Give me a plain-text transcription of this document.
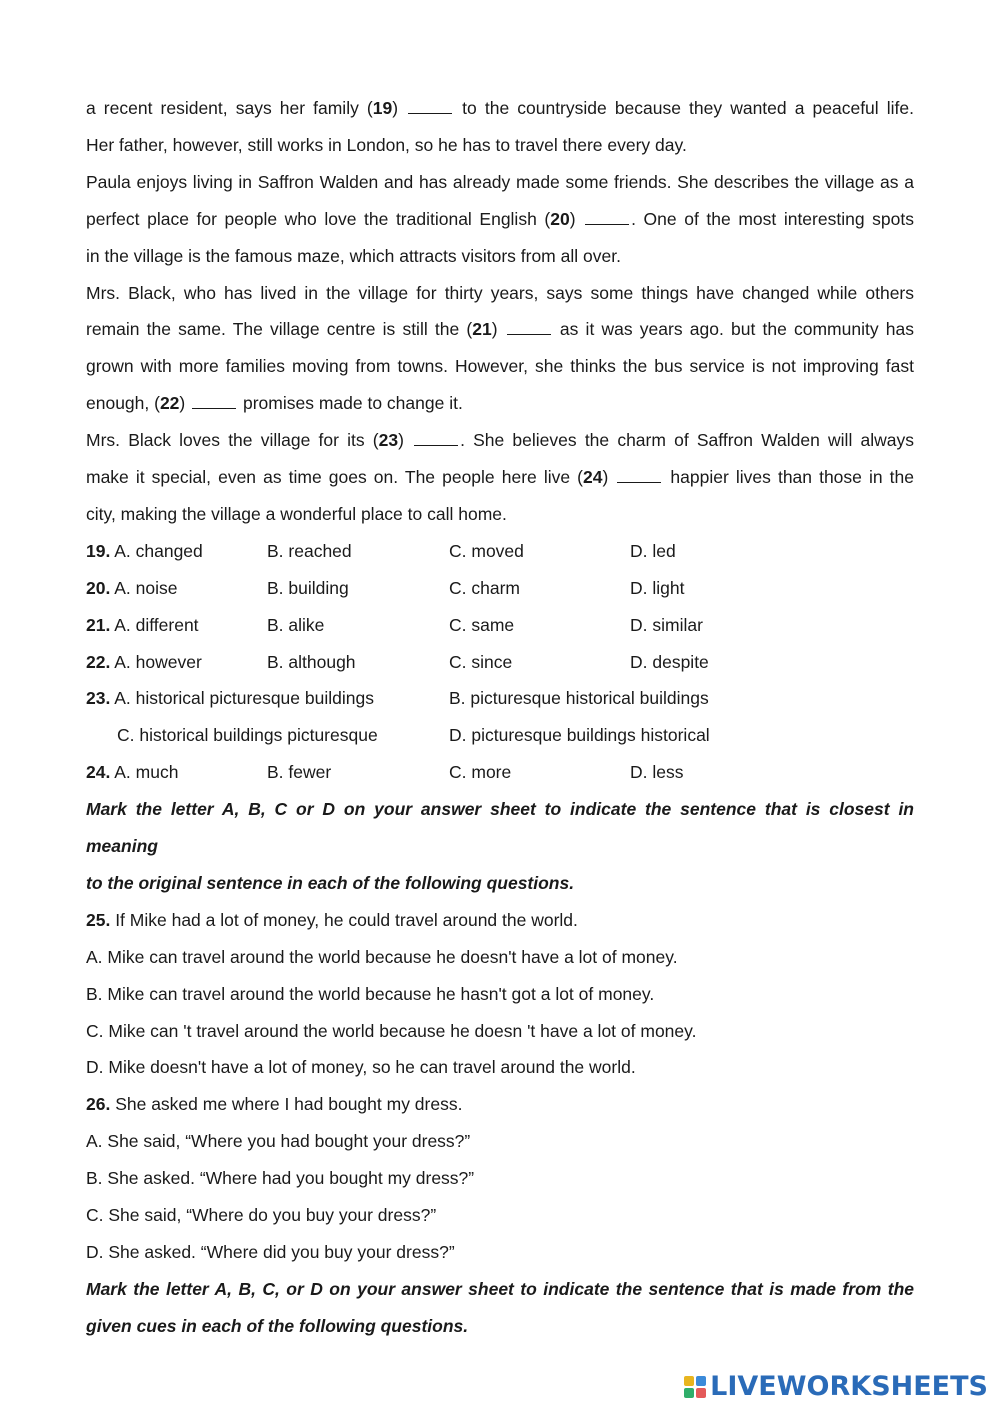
a recent resident, says her family (19)	to the countryside because they wanted a peaceful life.
Her father, however, still works in London, so he has to travel there every day.
Paula enjoys living in Saffron Walden and has already made some friends. She describes the village as a
perfect place for people who love the traditional English (20)	. One of the most interesting spots
in the village is the famous maze, which attracts visitors from all over.
Mrs. Black, who has lived in the village for thirty years, says some things have changed while others
remain the same. The village centre is still the (21)	as it was years ago. but the community has
grown with more families moving from towns. However, she thinks the bus service is not improving fast
enough, (22)	promises made to change it.
Mrs. Black loves the village for its (23)	. She believes the charm of Saffron Walden will always
make it special, even as time goes on. The people here live (24)	happier lives than those in the
city, making the village a wonderful place to call home.
19. A. changed	B. reached	C. moved	D. led
20. A. noise	B. building	C. charm	D. light
21. A. different	B. alike	C. same	D. similar
22. A. however	B. although	C. since	D. despite
23. A. historical picturesque buildings	B. picturesque historical buildings
C. historical buildings picturesque	D. picturesque buildings historical
24. A. much	B. fewer	C. more	D. less
Mark the letter A, B, C or D on your answer sheet to indicate the sentence that is closest in meaning
to the original sentence in each of the following questions.
25. If Mike had a lot of money, he could travel around the world.
A. Mike can travel around the world because he doesn't have a lot of money.
B. Mike can travel around the world because he hasn't got a lot of money.
C. Mike can 't travel around the world because he doesn 't have a lot of money.
D. Mike doesn't have a lot of money, so he can travel around the world.
26. She asked me where I had bought my dress.
A. She said, “Where you had bought your dress?”
B. She asked. “Where had you bought my dress?”
C. She said, “Where do you buy your dress?”
D. She asked. “Where did you buy your dress?”
Mark the letter A, B, C, or D on your answer sheet to indicate the sentence that is made from the
given cues in each of the following questions.
LIVEWORKSHEETS
